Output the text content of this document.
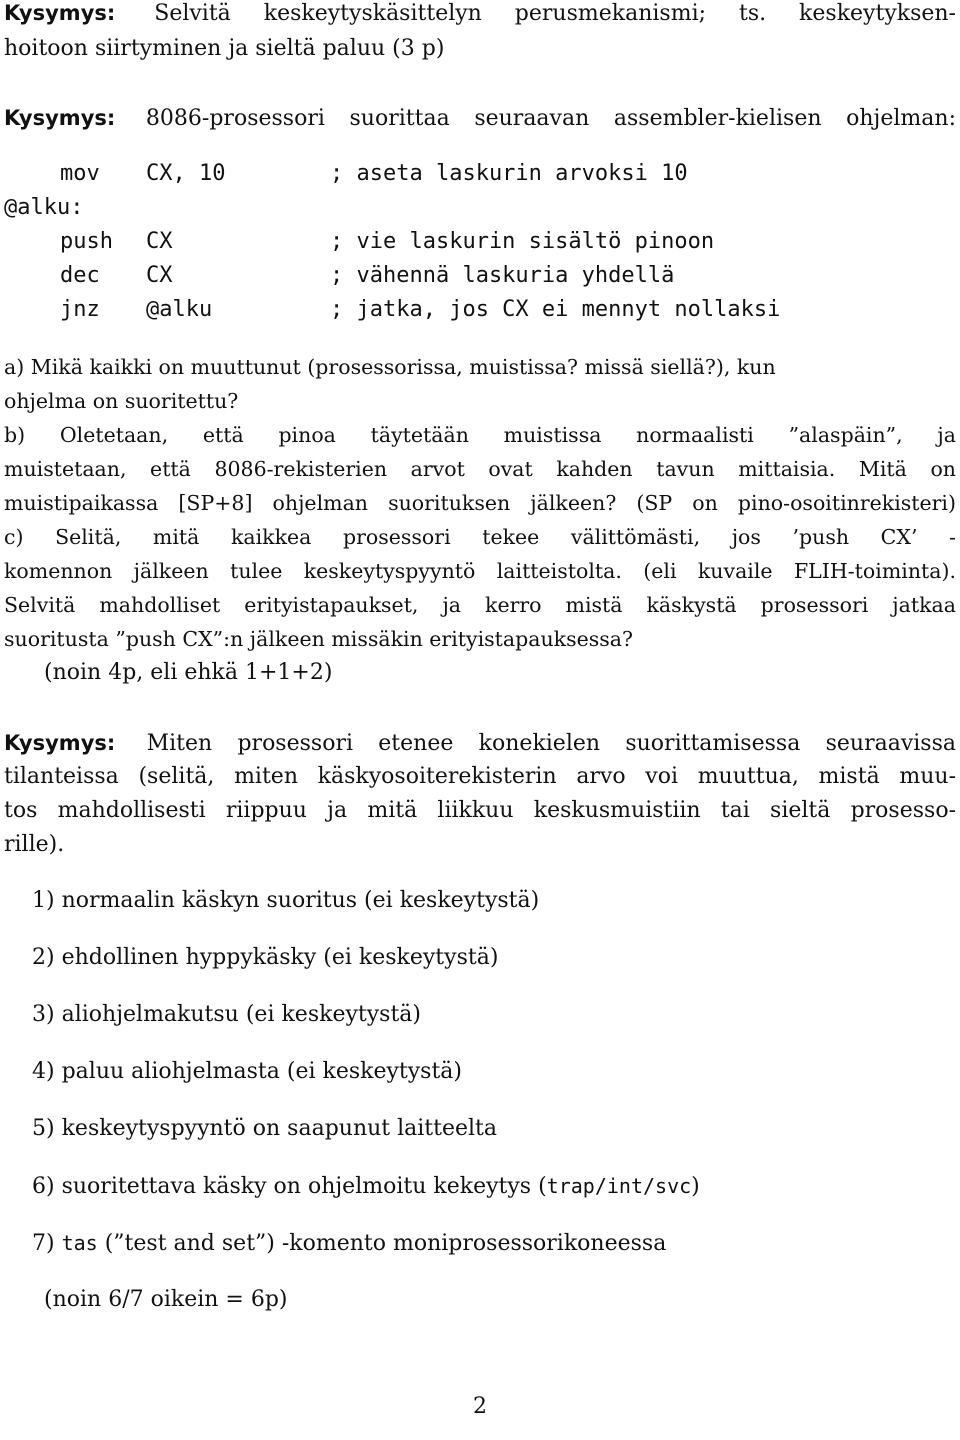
Kysymys: Selvitä keskeytyskäsittelyn perusmekanismi; ts. keskeytyksen-
hoitoon siirtyminen ja sieltä paluu (3 p)
Kysymys: 8086-prosessori suorittaa seuraavan assembler-kielisen ohjelman:
mov CX, 10	; aseta laskurin arvoksi 10
@alku:
push CX	; vie laskurin sisältö pinoon
dec CX	; vähennä laskuria yhdellä
jnz @alku	; jatka, jos CX ei mennyt nollaksi
a) Mikä kaikki on muuttunut (prosessorissa, muistissa? missä siellä?), kun
ohjelma on suoritettu?
b) Oletetaan, että pinoa täytetään muistissa normaalisti ”alaspäin”, ja
muistetaan, että 8086-rekisterien arvot ovat kahden tavun mittaisia. Mitä on
muistipaikassa [SP+8] ohjelman suorituksen jälkeen? (SP on pino-osoitinrekisteri)
c) Selitä, mitä kaikkea prosessori tekee välittömästi, jos ’push CX’ -
komennon jälkeen tulee keskeytyspyyntö laitteistolta. (eli kuvaile FLIH-toiminta).
Selvitä mahdolliset erityistapaukset, ja kerro mistä käskystä prosessori jatkaa
suoritusta ”push CX”:n jälkeen missäkin erityistapauksessa?
(noin 4p, eli ehkä 1+1+2)
Kysymys: Miten prosessori etenee konekielen suorittamisessa seuraavissa
tilanteissa (selitä, miten käskyosoiterekisterin arvo voi muuttua, mistä muu-
tos mahdollisesti riippuu ja mitä liikkuu keskusmuistiin tai sieltä prosesso-
rille).
1) normaalin käskyn suoritus (ei keskeytystä)
2) ehdollinen hyppykäsky (ei keskeytystä)
3) aliohjelmakutsu (ei keskeytystä)
4) paluu aliohjelmasta (ei keskeytystä)
5) keskeytyspyyntö on saapunut laitteelta
6) suoritettava käsky on ohjelmoitu kekeytys (trap/int/svc)
7) tas (”test and set”) -komento moniprosessorikoneessa
(noin 6/7 oikein = 6p)
2
